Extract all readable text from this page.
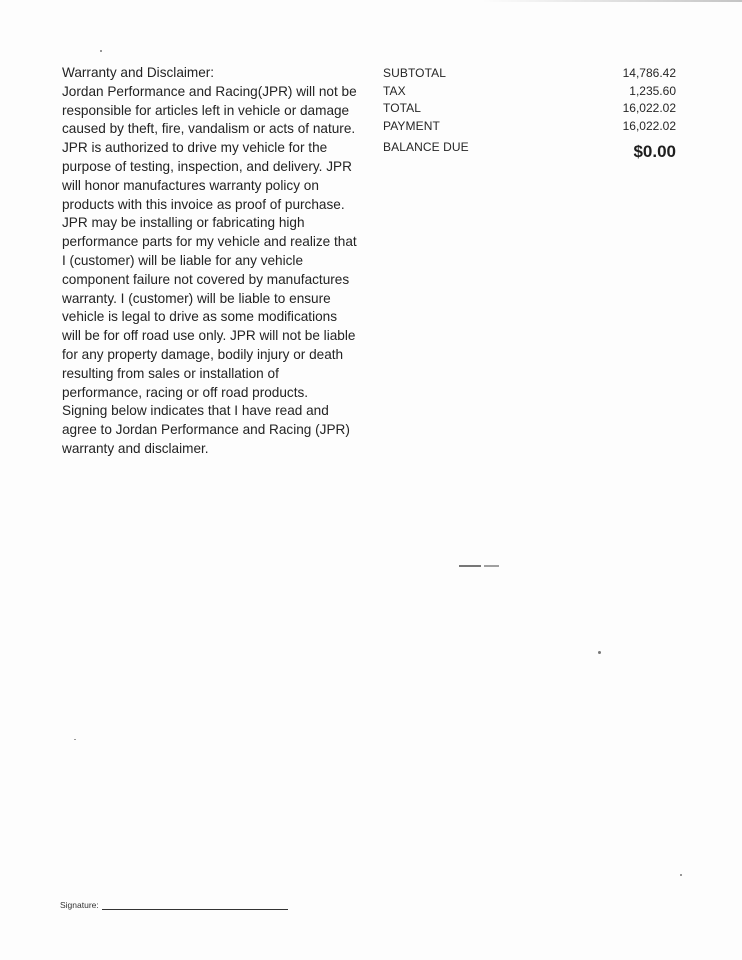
Warranty and Disclaimer:
Jordan Performance and Racing(JPR) will not be
responsible for articles left in vehicle or damage
caused by theft, fire, vandalism or acts of nature.
JPR is authorized to drive my vehicle for the
purpose of testing, inspection, and delivery. JPR
will honor manufactures warranty policy on
products with this invoice as proof of purchase.
JPR may be installing or fabricating high
performance parts for my vehicle and realize that
I (customer) will be liable for any vehicle
component failure not covered by manufactures
warranty. I (customer) will be liable to ensure
vehicle is legal to drive as some modifications
will be for off road use only. JPR will not be liable
for any property damage, bodily injury or death
resulting from sales or installation of
performance, racing or off road products.
Signing below indicates that I have read and
agree to Jordan Performance and Racing (JPR)
warranty and disclaimer.
SUBTOTAL	14,786.42
TAX	1,235.60
TOTAL	16,022.02
PAYMENT	16,022.02
BALANCE DUE	$0.00
Signature:
